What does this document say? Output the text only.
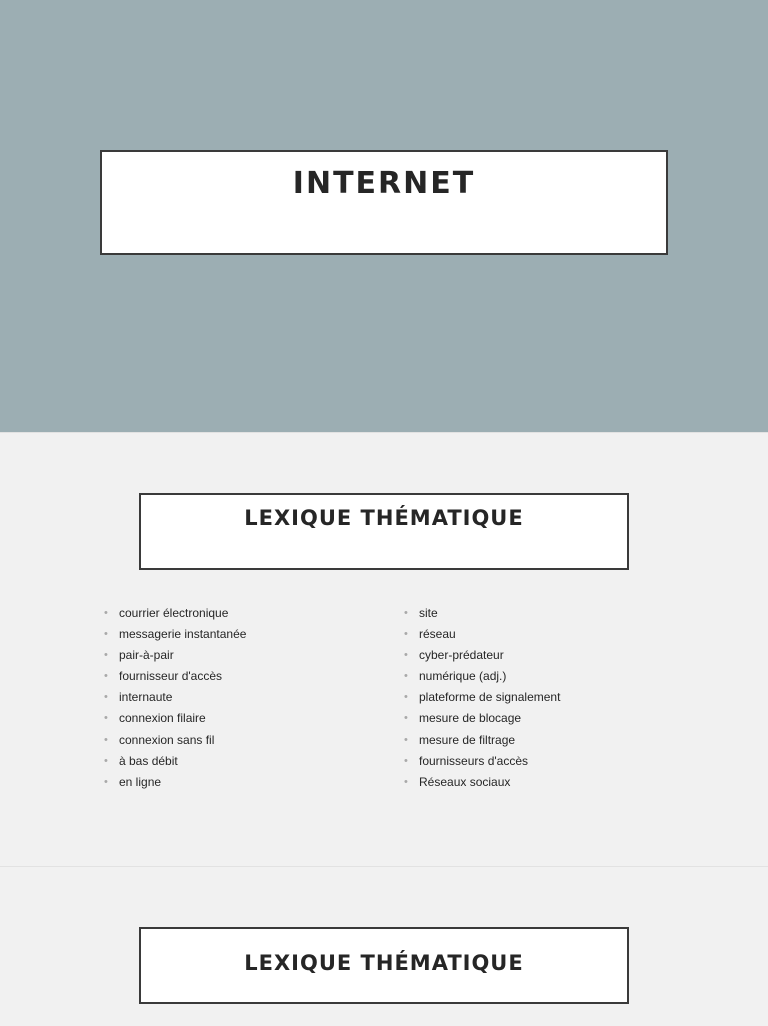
INTERNET
LEXIQUE THÉMATIQUE
• courrier électronique
• messagerie instantanée
• pair-à-pair
• fournisseur d'accès
• internaute
• connexion filaire
• connexion sans fil
• à bas débit
• en ligne
• site
• réseau
• cyber-prédateur
• numérique (adj.)
• plateforme de signalement
• mesure de blocage
• mesure de filtrage
• fournisseurs d'accès
• Réseaux sociaux
LEXIQUE THÉMATIQUE
